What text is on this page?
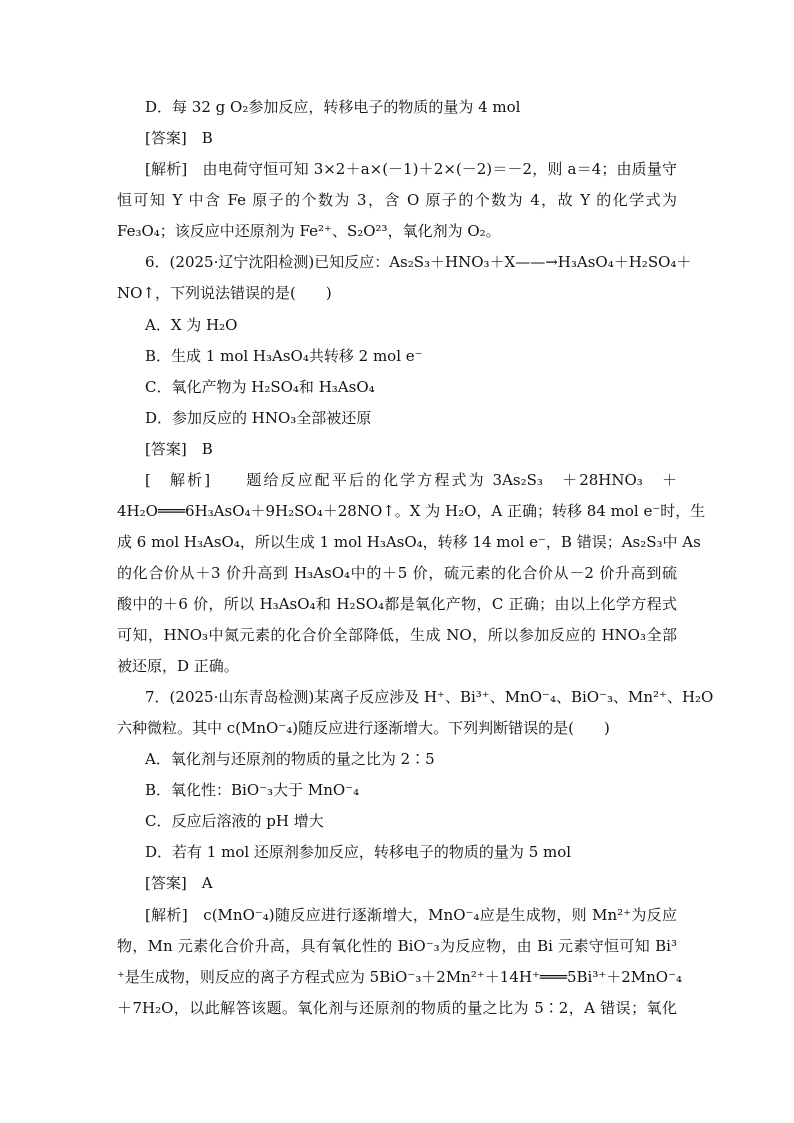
D．每 32 g O₂参加反应，转移电子的物质的量为 4 mol
[答案]　B
[解析]　由电荷守恒可知 3×2＋a×(－1)＋2×(－2)＝－2，则 a＝4；由质量守
恒可知 Y 中含 Fe 原子的个数为 3，含 O 原子的个数为 4，故 Y 的化学式为
Fe₃O₄；该反应中还原剂为 Fe²⁺、S₂O²³，氧化剂为 O₂。
6．(2025·辽宁沈阳检测)已知反应：As₂S₃＋HNO₃＋X——→H₃AsO₄＋H₂SO₄＋
NO↑，下列说法错误的是(　　)
A．X 为 H₂O
B．生成 1 mol H₃AsO₄共转移 2 mol e⁻
C．氧化产物为 H₂SO₄和 H₃AsO₄
D．参加反应的 HNO₃全部被还原
[答案]　B
[　解析]　　题给反应配平后的化学方程式为 3As₂S₃　＋28HNO₃　＋
4H₂O═══6H₃AsO₄＋9H₂SO₄＋28NO↑。X 为 H₂O，A 正确；转移 84 mol e⁻时，生
成 6 mol H₃AsO₄，所以生成 1 mol H₃AsO₄，转移 14 mol e⁻，B 错误；As₂S₃中 As
的化合价从＋3 价升高到 H₃AsO₄中的＋5 价，硫元素的化合价从－2 价升高到硫
酸中的＋6 价，所以 H₃AsO₄和 H₂SO₄都是氧化产物，C 正确；由以上化学方程式
可知，HNO₃中氮元素的化合价全部降低，生成 NO，所以参加反应的 HNO₃全部
被还原，D 正确。
7．(2025·山东青岛检测)某离子反应涉及 H⁺、Bi³⁺、MnO⁻₄、BiO⁻₃、Mn²⁺、H₂O
六种微粒。其中 c(MnO⁻₄)随反应进行逐渐增大。下列判断错误的是(　　)
A．氧化剂与还原剂的物质的量之比为 2∶5
B．氧化性：BiO⁻₃大于 MnO⁻₄
C．反应后溶液的 pH 增大
D．若有 1 mol 还原剂参加反应，转移电子的物质的量为 5 mol
[答案]　A
[解析]　c(MnO⁻₄)随反应进行逐渐增大，MnO⁻₄应是生成物，则 Mn²⁺为反应
物，Mn 元素化合价升高，具有氧化性的 BiO⁻₃为反应物，由 Bi 元素守恒可知 Bi³
⁺是生成物，则反应的离子方程式应为 5BiO⁻₃＋2Mn²⁺＋14H⁺═══5Bi³⁺＋2MnO⁻₄
＋7H₂O，以此解答该题。氧化剂与还原剂的物质的量之比为 5∶2，A 错误；氧化
